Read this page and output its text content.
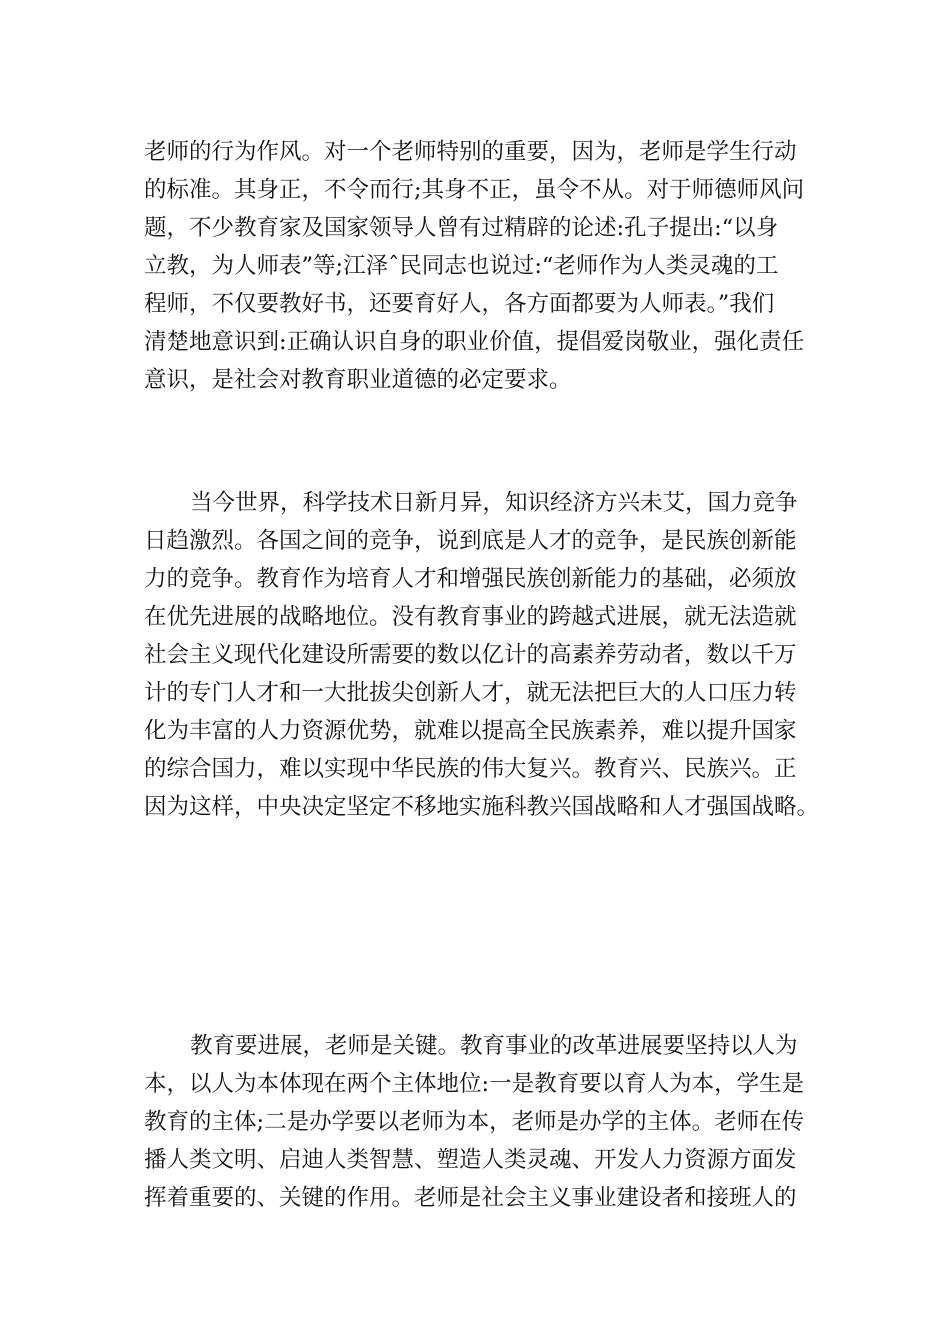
老师的行为作风。对一个老师特别的重要，因为，老师是学生行动
的标准。其身正，不令而行;其身不正，虽令不从。对于师德师风问
题，不少教育家及国家领导人曾有过精辟的论述:孔子提出:“以身
立教，为人师表”等;江泽ˆ民同志也说过:“老师作为人类灵魂的工
程师，不仅要教好书，还要育好人，各方面都要为人师表。”我们
清楚地意识到:正确认识自身的职业价值，提倡爱岗敬业，强化责任
意识，是社会对教育职业道德的必定要求。
当今世界，科学技术日新月异，知识经济方兴未艾，国力竞争
日趋激烈。各国之间的竞争，说到底是人才的竞争，是民族创新能
力的竞争。教育作为培育人才和增强民族创新能力的基础，必须放
在优先进展的战略地位。没有教育事业的跨越式进展，就无法造就
社会主义现代化建设所需要的数以亿计的高素养劳动者，数以千万
计的专门人才和一大批拔尖创新人才，就无法把巨大的人口压力转
化为丰富的人力资源优势，就难以提高全民族素养，难以提升国家
的综合国力，难以实现中华民族的伟大复兴。教育兴、民族兴。正
因为这样，中央决定坚定不移地实施科教兴国战略和人才强国战略。
教育要进展，老师是关键。教育事业的改革进展要坚持以人为
本，以人为本体现在两个主体地位:一是教育要以育人为本，学生是
教育的主体;二是办学要以老师为本，老师是办学的主体。老师在传
播人类文明、启迪人类智慧、塑造人类灵魂、开发人力资源方面发
挥着重要的、关键的作用。老师是社会主义事业建设者和接班人的
